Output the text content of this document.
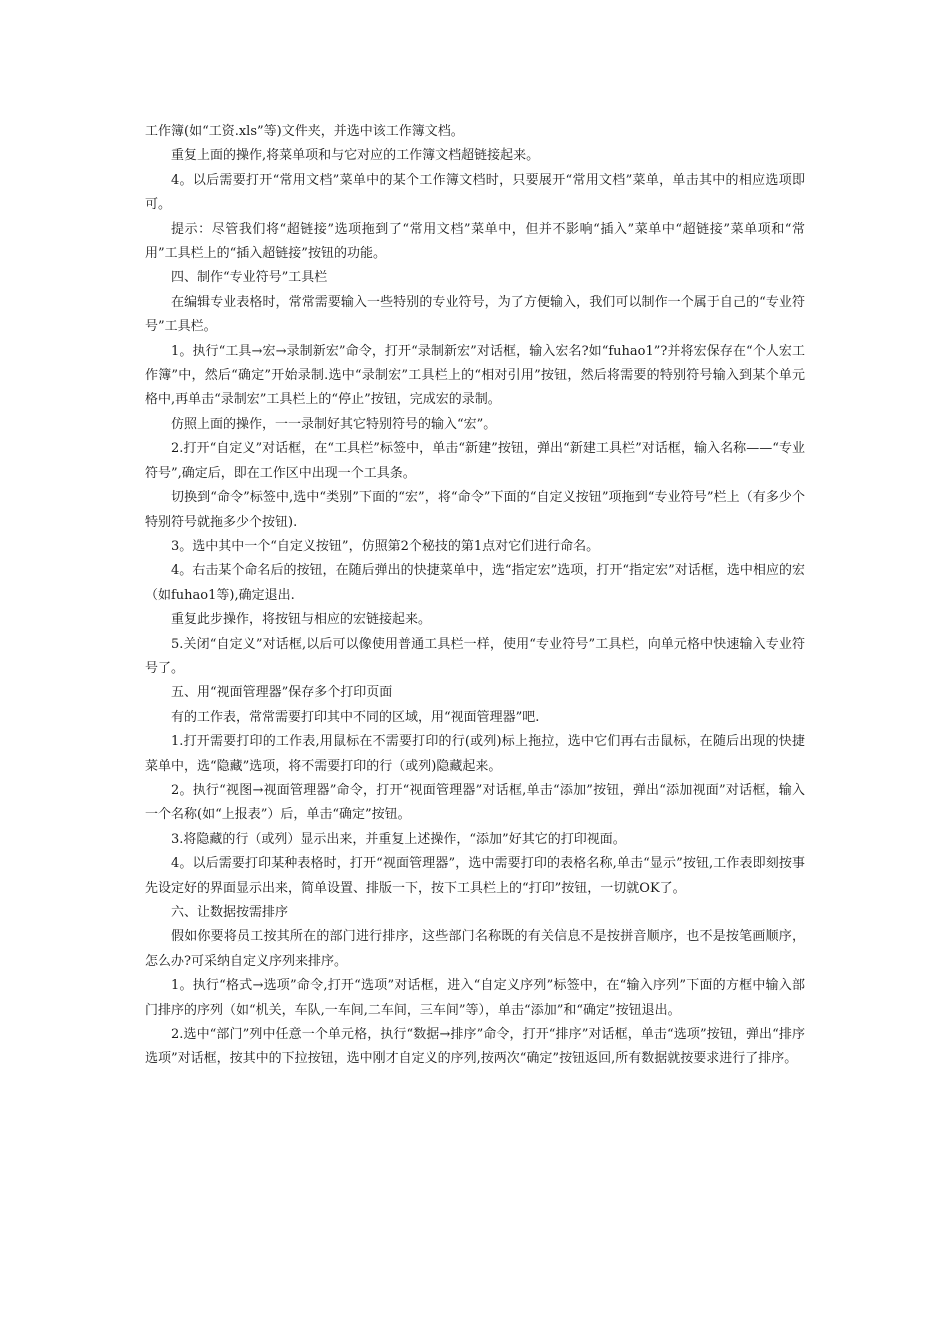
工作簿(如“工资.xls”等)文件夹，并选中该工作簿文档。

重复上面的操作,将菜单项和与它对应的工作簿文档超链接起来。

4。以后需要打开“常用文档”菜单中的某个工作簿文档时，只要展开“常用文档”菜单，单击其中的相应选项即可。

提示：尽管我们将“超链接”选项拖到了“常用文档”菜单中，但并不影响“插入”菜单中“超链接”菜单项和“常用”工具栏上的“插入超链接”按钮的功能。

四、制作“专业符号”工具栏

在编辑专业表格时，常常需要输入一些特别的专业符号，为了方便输入，我们可以制作一个属于自己的“专业符号”工具栏。

1。执行“工具→宏→录制新宏”命令，打开“录制新宏”对话框，输入宏名?如“fuhao1”?并将宏保存在“个人宏工作簿”中，然后“确定”开始录制.选中“录制宏”工具栏上的“相对引用”按钮，然后将需要的特别符号输入到某个单元格中,再单击“录制宏”工具栏上的“停止”按钮，完成宏的录制。

仿照上面的操作，一一录制好其它特别符号的输入“宏”。

2.打开“自定义”对话框，在“工具栏”标签中，单击“新建”按钮，弹出“新建工具栏”对话框，输入名称——“专业符号”,确定后，即在工作区中出现一个工具条。

切换到“命令”标签中,选中“类别”下面的“宏”，将“命令”下面的“自定义按钮”项拖到“专业符号”栏上（有多少个特别符号就拖多少个按钮).

3。选中其中一个“自定义按钮”，仿照第2个秘技的第1点对它们进行命名。

4。右击某个命名后的按钮，在随后弹出的快捷菜单中，选“指定宏”选项，打开“指定宏”对话框，选中相应的宏（如fuhao1等),确定退出.

重复此步操作，将按钮与相应的宏链接起来。

5.关闭“自定义”对话框,以后可以像使用普通工具栏一样，使用“专业符号”工具栏，向单元格中快速输入专业符号了。

五、用“视面管理器”保存多个打印页面

有的工作表，常常需要打印其中不同的区域，用“视面管理器”吧.

1.打开需要打印的工作表,用鼠标在不需要打印的行(或列)标上拖拉，选中它们再右击鼠标，在随后出现的快捷菜单中，选“隐藏”选项，将不需要打印的行（或列)隐藏起来。

2。执行“视图→视面管理器”命令，打开“视面管理器”对话框,单击“添加”按钮，弹出“添加视面”对话框，输入一个名称(如“上报表”）后，单击“确定”按钮。

3.将隐藏的行（或列）显示出来，并重复上述操作，“添加”好其它的打印视面。

4。以后需要打印某种表格时，打开“视面管理器”，选中需要打印的表格名称,单击“显示”按钮,工作表即刻按事先设定好的界面显示出来，简单设置、排版一下，按下工具栏上的“打印”按钮，一切就OK了。

六、让数据按需排序

假如你要将员工按其所在的部门进行排序，这些部门名称既的有关信息不是按拼音顺序，也不是按笔画顺序，怎么办?可采纳自定义序列来排序。

1。执行“格式→选项”命令,打开“选项”对话框，进入“自定义序列”标签中，在“输入序列”下面的方框中输入部门排序的序列（如“机关，车队,一车间,二车间，三车间”等），单击“添加”和“确定”按钮退出。

2.选中“部门”列中任意一个单元格，执行“数据→排序”命令，打开“排序”对话框，单击“选项”按钮，弹出“排序选项”对话框，按其中的下拉按钮，选中刚才自定义的序列,按两次“确定”按钮返回,所有数据就按要求进行了排序。
